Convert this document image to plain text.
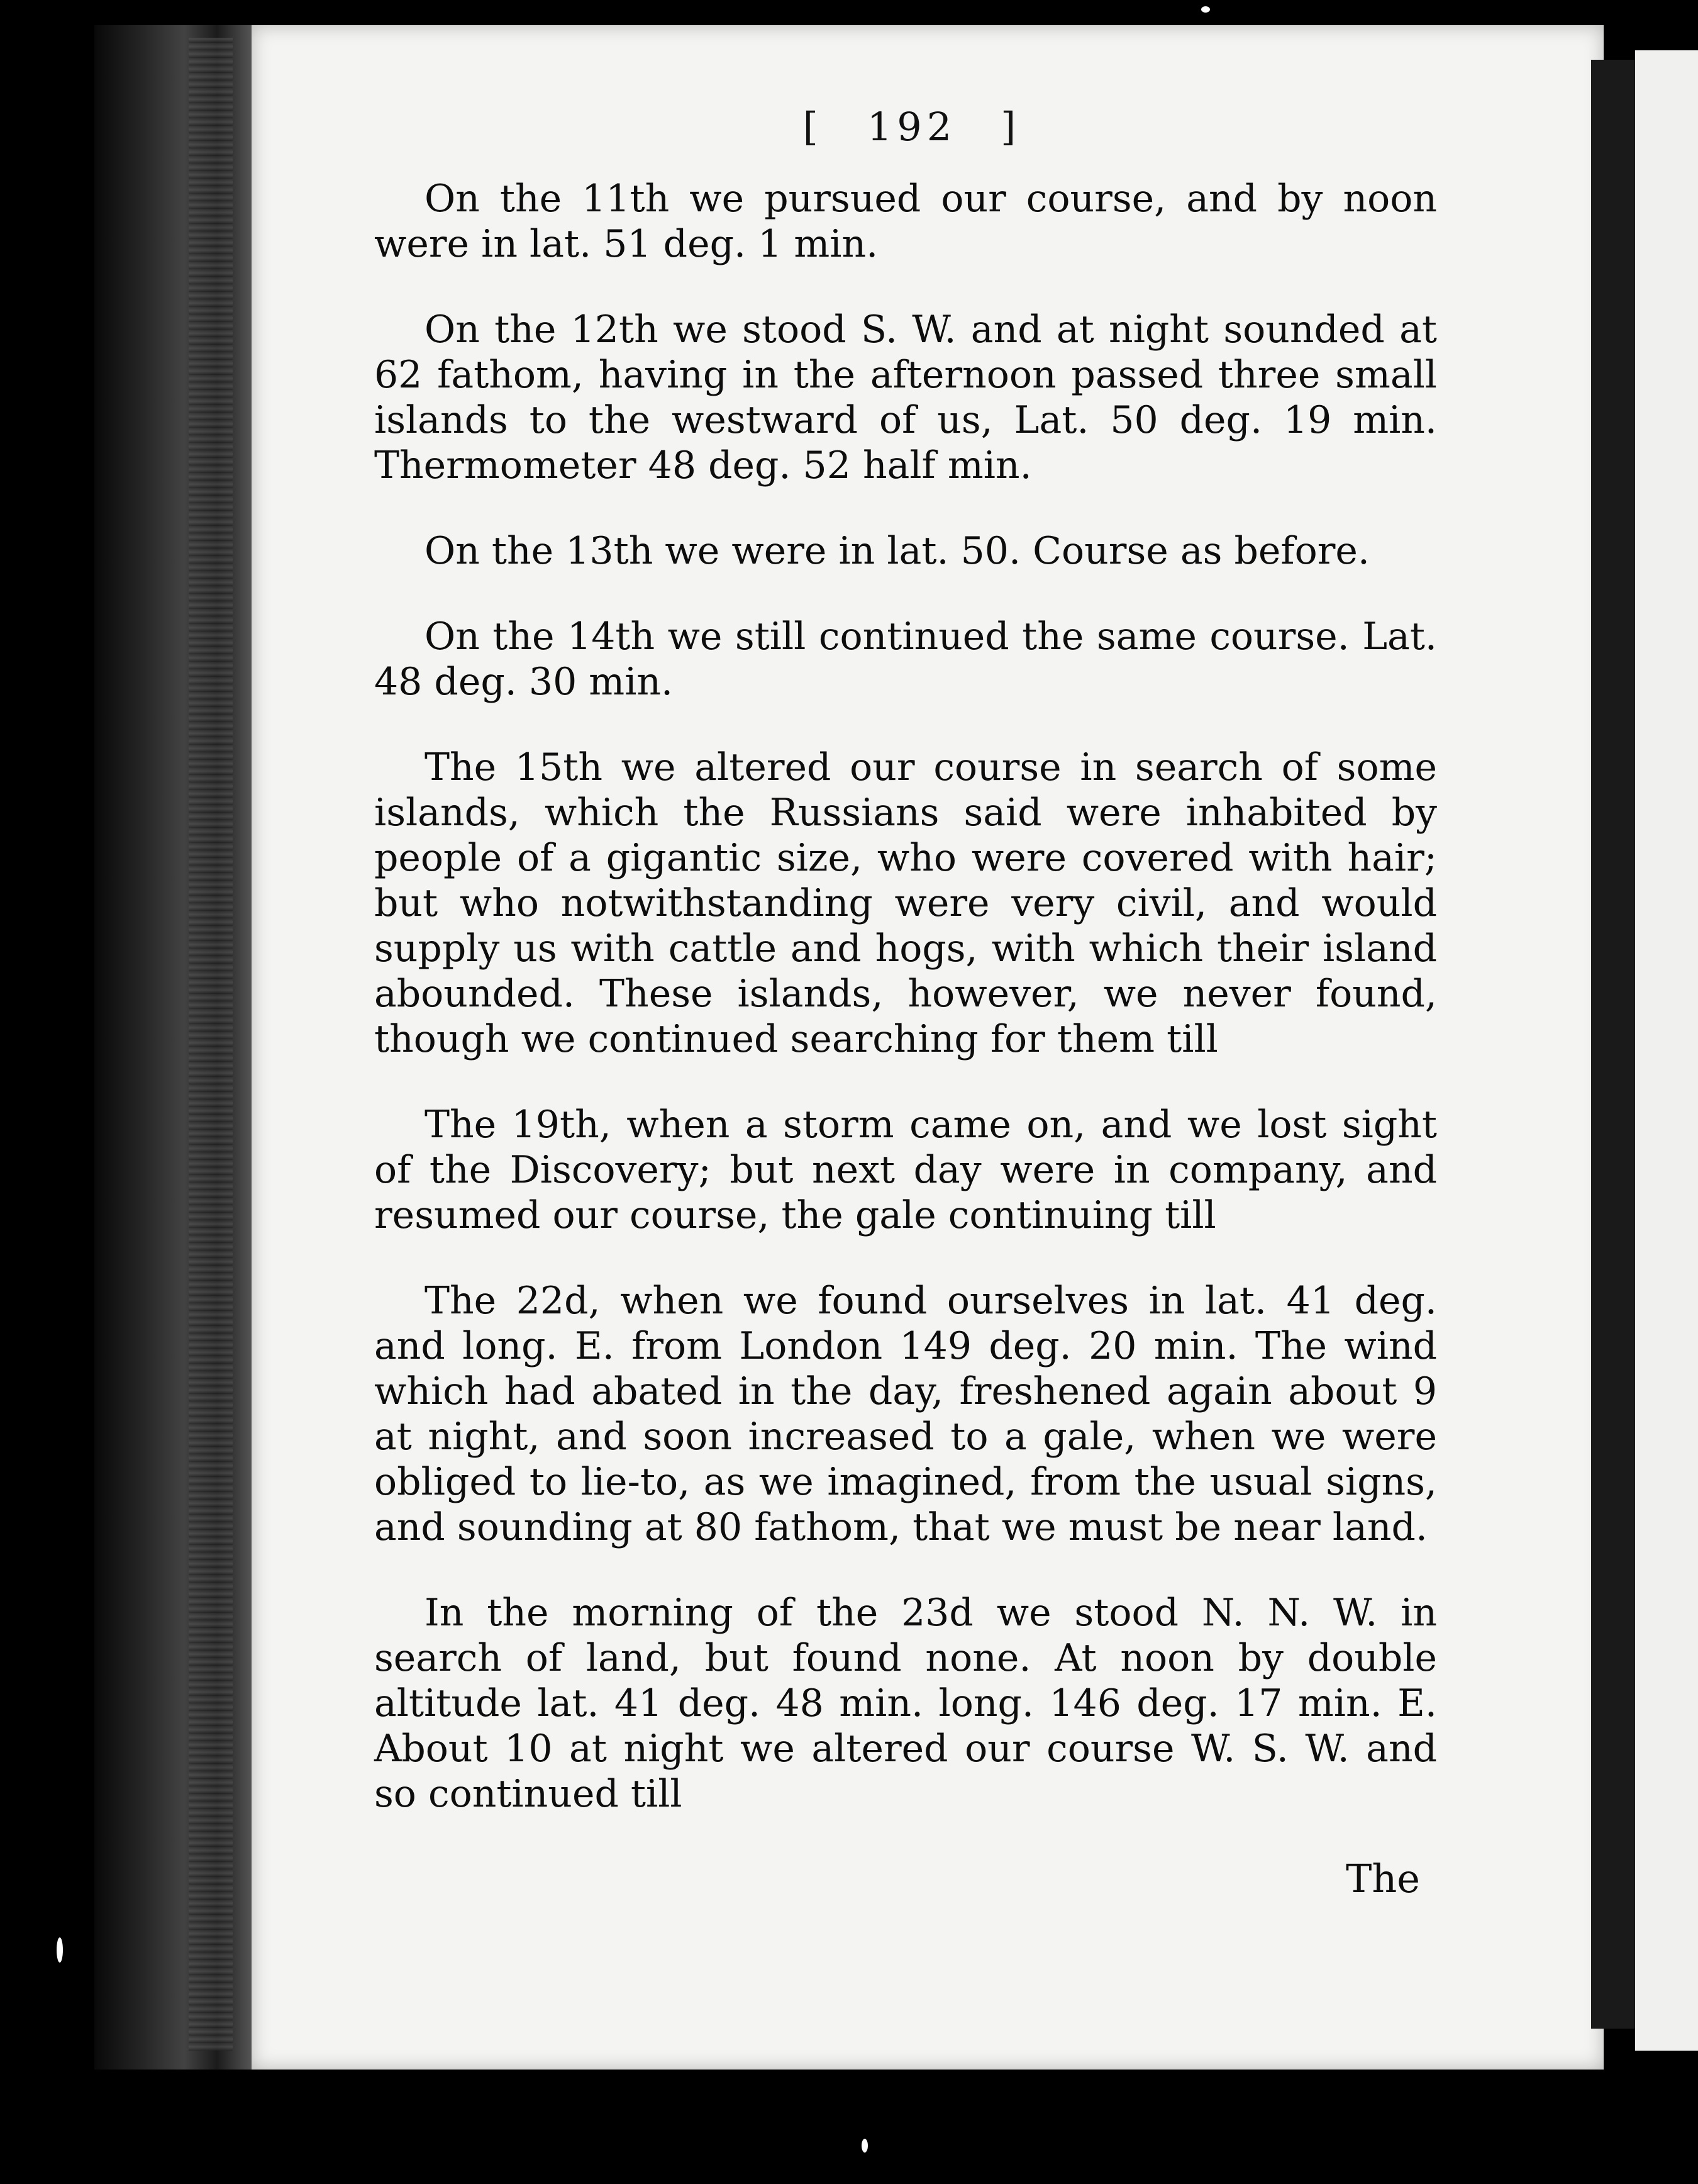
[ 192 ]

On the 11th we pursued our course, and by noon were in lat. 51 deg. 1 min.

On the 12th we stood S. W. and at night sounded at 62 fathom, having in the afternoon passed three small islands to the westward of us, Lat. 50 deg. 19 min. Thermometer 48 deg. 52 half min.

On the 13th we were in lat. 50. Course as before.

On the 14th we still continued the same course. Lat. 48 deg. 30 min.

The 15th we altered our course in search of some islands, which the Russians said were inhabited by people of a gigantic size, who were covered with hair; but who notwithstanding were very civil, and would supply us with cattle and hogs, with which their island abounded. These islands, however, we never found, though we continued searching for them till

The 19th, when a storm came on, and we lost sight of the Discovery; but next day were in company, and resumed our course, the gale continuing till

The 22d, when we found ourselves in lat. 41 deg. and long. E. from London 149 deg. 20 min. The wind which had abated in the day, freshened again about 9 at night, and soon increased to a gale, when we were obliged to lie-to, as we imagined, from the usual signs, and sounding at 80 fathom, that we must be near land.

In the morning of the 23d we stood N. N. W. in search of land, but found none. At noon by double altitude lat. 41 deg. 48 min. long. 146 deg. 17 min. E. About 10 at night we altered our course W. S. W. and so continued till

The
